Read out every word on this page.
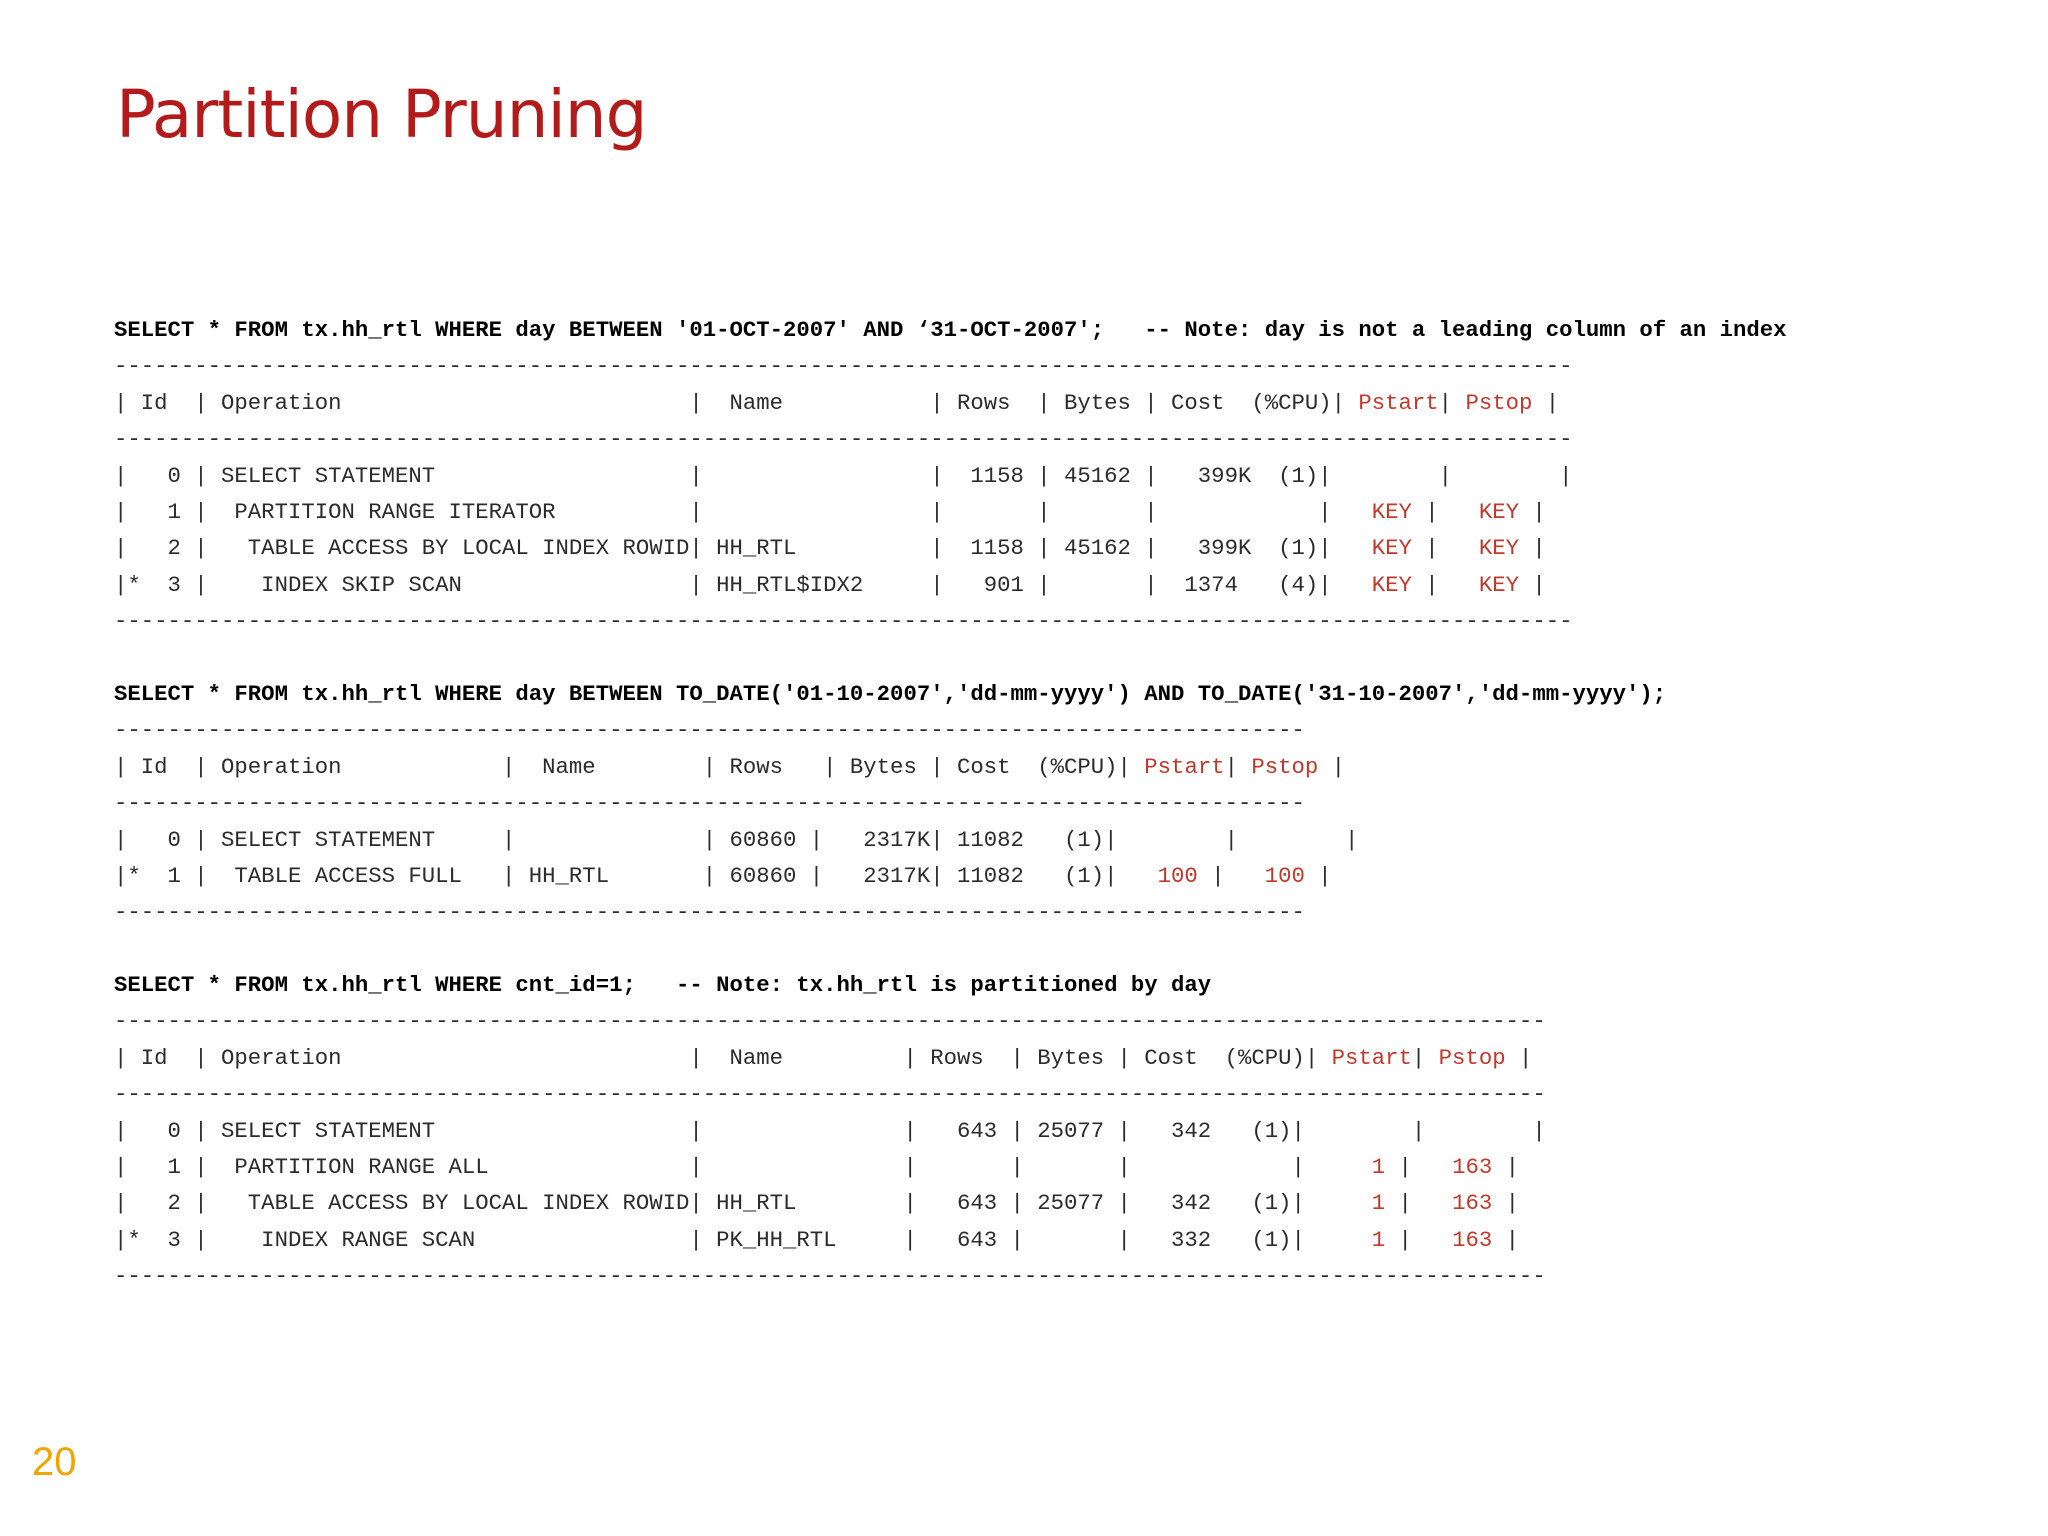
Partition Pruning
SELECT * FROM tx.hh_rtl WHERE day BETWEEN '01-OCT-2007' AND ‘31-OCT-2007';   -- Note: day is not a leading column of an index
-------------------------------------------------------------------------------------------------------------
| Id  | Operation                          |  Name           | Rows  | Bytes | Cost  (%CPU)| Pstart| Pstop |
-------------------------------------------------------------------------------------------------------------
|   0 | SELECT STATEMENT                   |                 |  1158 | 45162 |   399K  (1)|        |        |
|   1 |  PARTITION RANGE ITERATOR          |                 |       |       |            |   KEY |   KEY |
|   2 |   TABLE ACCESS BY LOCAL INDEX ROWID| HH_RTL          |  1158 | 45162 |   399K  (1)|   KEY |   KEY |
|*  3 |    INDEX SKIP SCAN                 | HH_RTL$IDX2     |   901 |       |  1374   (4)|   KEY |   KEY |
-------------------------------------------------------------------------------------------------------------
SELECT * FROM tx.hh_rtl WHERE day BETWEEN TO_DATE('01-10-2007','dd-mm-yyyy') AND TO_DATE('31-10-2007','dd-mm-yyyy');
-----------------------------------------------------------------------------------------
| Id  | Operation            |  Name        | Rows   | Bytes | Cost  (%CPU)| Pstart| Pstop |
-----------------------------------------------------------------------------------------
|   0 | SELECT STATEMENT     |              | 60860 |   2317K| 11082   (1)|        |        |
|*  1 |  TABLE ACCESS FULL   | HH_RTL       | 60860 |   2317K| 11082   (1)|   100 |   100 |
-----------------------------------------------------------------------------------------
SELECT * FROM tx.hh_rtl WHERE cnt_id=1;   -- Note: tx.hh_rtl is partitioned by day
-----------------------------------------------------------------------------------------------------------
| Id  | Operation                          |  Name         | Rows  | Bytes | Cost  (%CPU)| Pstart| Pstop |
-----------------------------------------------------------------------------------------------------------
|   0 | SELECT STATEMENT                   |               |   643 | 25077 |   342   (1)|        |        |
|   1 |  PARTITION RANGE ALL               |               |       |       |            |     1 |   163 |
|   2 |   TABLE ACCESS BY LOCAL INDEX ROWID| HH_RTL        |   643 | 25077 |   342   (1)|     1 |   163 |
|*  3 |    INDEX RANGE SCAN                | PK_HH_RTL     |   643 |       |   332   (1)|     1 |   163 |
-----------------------------------------------------------------------------------------------------------
20
